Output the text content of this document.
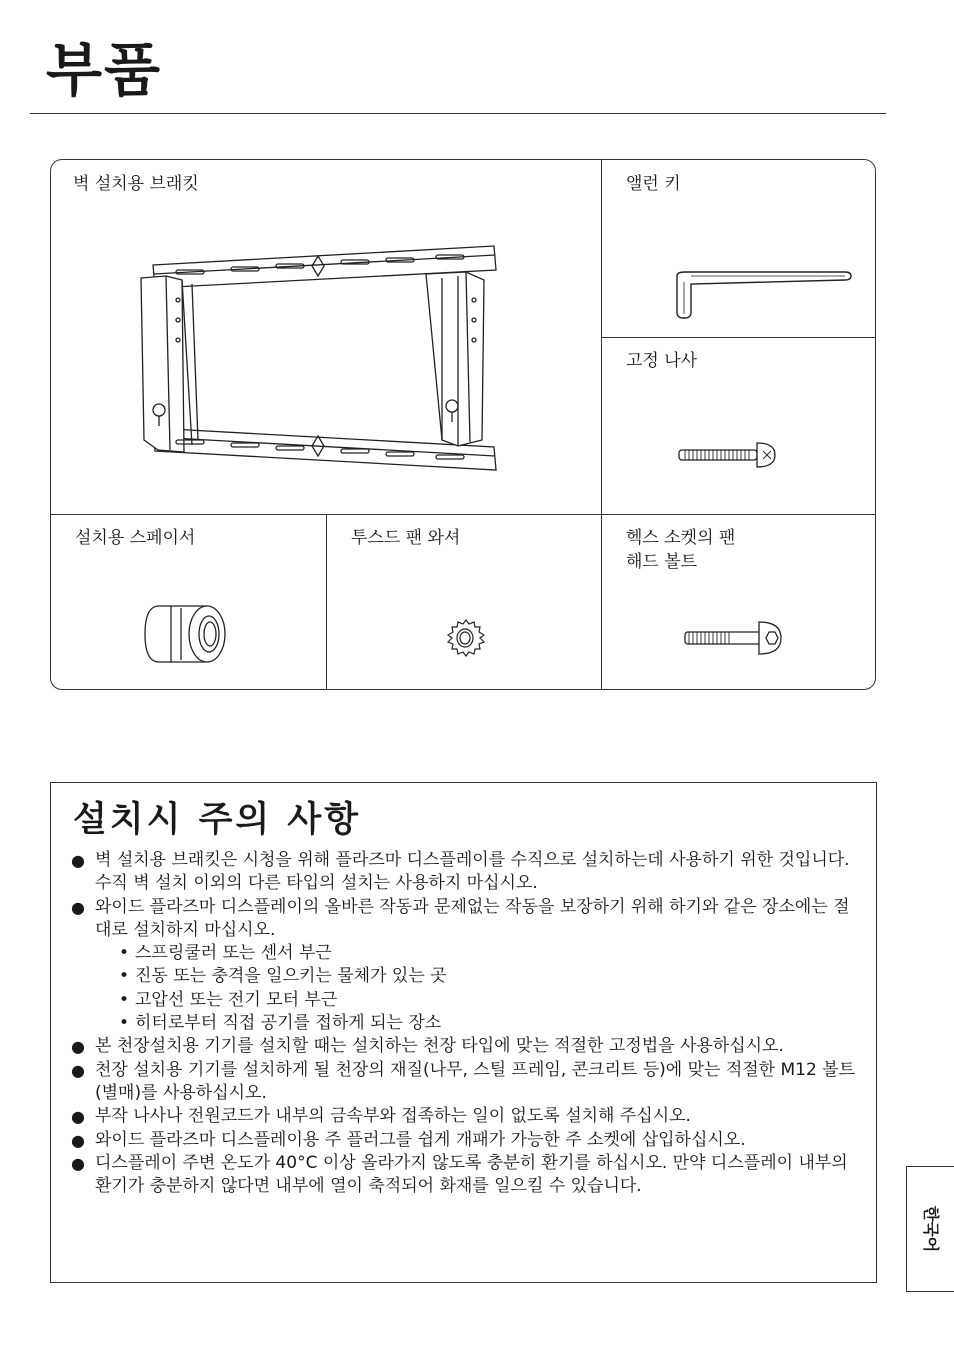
부품
벽 설치용 브래킷	앨런 키
고정 나사
설치용 스페이서	투스드 팬 와셔	헥스 소켓의 팬
해드 볼트
설치시 주의 사항

● 벽 설치용 브래킷은 시청을 위해 플라즈마 디스플레이를 수직으로 설치하는데 사용하기 위한 것입니다. 수직 벽 설치 이외의 다른 타입의 설치는 사용하지 마십시오.

● 와이드 플라즈마 디스플레이의 올바른 작동과 문제없는 작동을 보장하기 위해 하기와 같은 장소에는 절대로 설치하지 마십시오.

• 스프링쿨러 또는 센서 부근

• 진동 또는 충격을 일으키는 물체가 있는 곳

• 고압선 또는 전기 모터 부근

• 히터로부터 직접 공기를 접하게 되는 장소

● 본 천장설치용 기기를 설치할 때는 설치하는 천장 타입에 맞는 적절한 고정법을 사용하십시오.

● 천장 설치용 기기를 설치하게 될 천장의 재질(나무, 스틸 프레임, 콘크리트 등)에 맞는 적절한 M12 볼트(별매)를 사용하십시오.

● 부작 나사나 전원코드가 내부의 금속부와 접족하는 일이 없도록 설치해 주십시오.

● 와이드 플라즈마 디스플레이용 주 플러그를 쉽게 개패가 가능한 주 소켓에 삽입하십시오.

● 디스플레이 주변 온도가 40°C 이상 올라가지 않도록 충분히 환기를 하십시오. 만약 디스플레이 내부의 환기가 충분하지 않다면 내부에 열이 축적되어 화재를 일으킬 수 있습니다.

한국어
